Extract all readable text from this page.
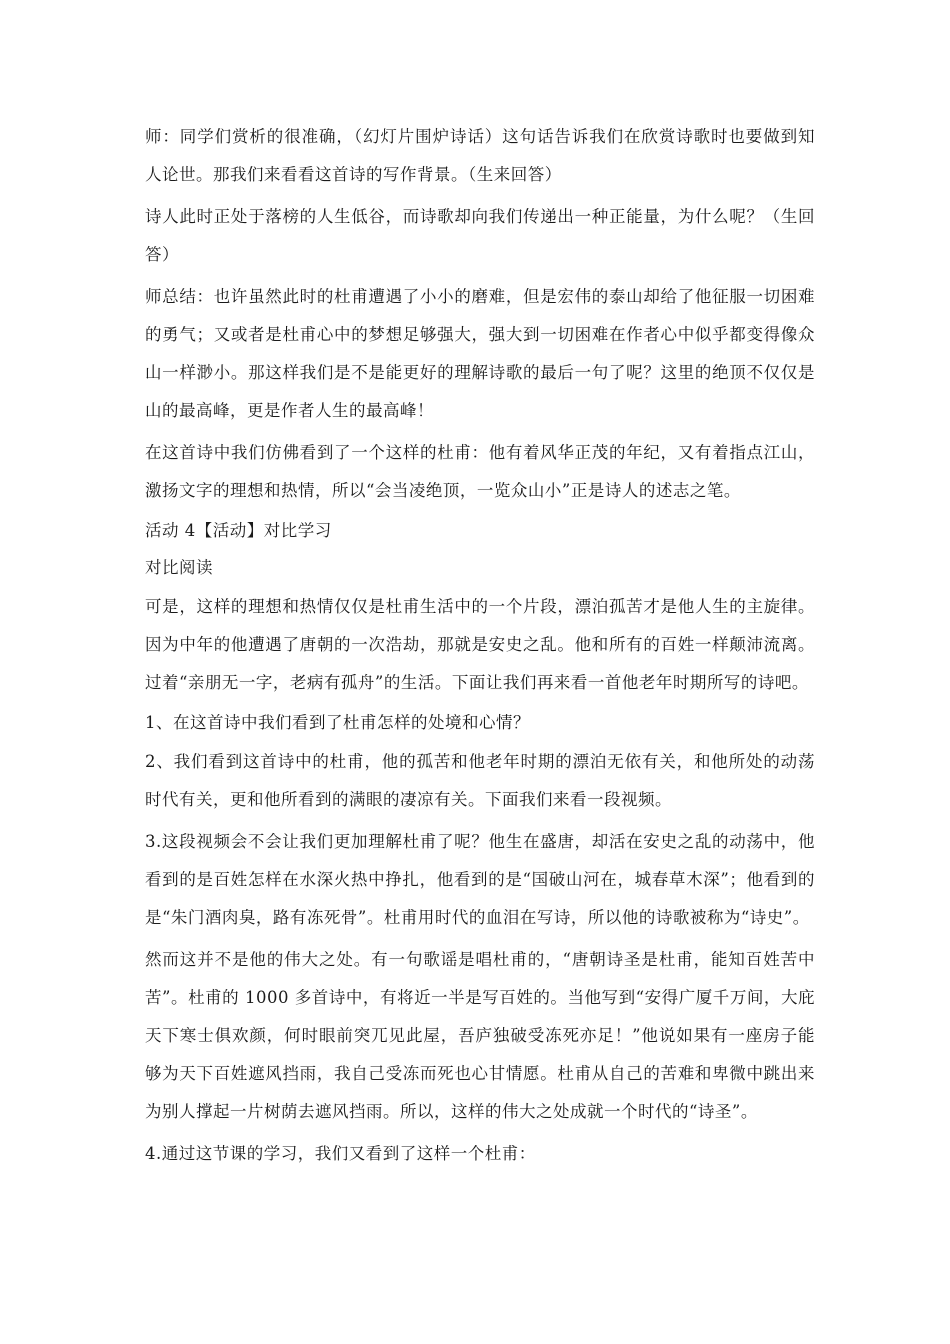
师：同学们赏析的很准确，（幻灯片围炉诗话）这句话告诉我们在欣赏诗歌时也要做到知人论世。那我们来看看这首诗的写作背景。（生来回答）

诗人此时正处于落榜的人生低谷，而诗歌却向我们传递出一种正能量，为什么呢？（生回答）

师总结：也许虽然此时的杜甫遭遇了小小的磨难，但是宏伟的泰山却给了他征服一切困难的勇气；又或者是杜甫心中的梦想足够强大，强大到一切困难在作者心中似乎都变得像众山一样渺小。那这样我们是不是能更好的理解诗歌的最后一句了呢？这里的绝顶不仅仅是山的最高峰，更是作者人生的最高峰！

在这首诗中我们仿佛看到了一个这样的杜甫：他有着风华正茂的年纪，又有着指点江山，激扬文字的理想和热情，所以“会当凌绝顶，一览众山小”正是诗人的述志之笔。

活动 4【活动】对比学习

对比阅读

可是，这样的理想和热情仅仅是杜甫生活中的一个片段，漂泊孤苦才是他人生的主旋律。因为中年的他遭遇了唐朝的一次浩劫，那就是安史之乱。他和所有的百姓一样颠沛流离。过着“亲朋无一字，老病有孤舟”的生活。下面让我们再来看一首他老年时期所写的诗吧。

1、在这首诗中我们看到了杜甫怎样的处境和心情？

2、我们看到这首诗中的杜甫，他的孤苦和他老年时期的漂泊无依有关，和他所处的动荡时代有关，更和他所看到的满眼的凄凉有关。下面我们来看一段视频。

3.这段视频会不会让我们更加理解杜甫了呢？他生在盛唐，却活在安史之乱的动荡中，他看到的是百姓怎样在水深火热中挣扎，他看到的是“国破山河在，城春草木深”；他看到的是“朱门酒肉臭，路有冻死骨”。杜甫用时代的血泪在写诗，所以他的诗歌被称为“诗史”。

然而这并不是他的伟大之处。有一句歌谣是唱杜甫的，“唐朝诗圣是杜甫，能知百姓苦中苦”。杜甫的 1000 多首诗中，有将近一半是写百姓的。当他写到“安得广厦千万间，大庇天下寒士俱欢颜，何时眼前突兀见此屋，吾庐独破受冻死亦足！”他说如果有一座房子能够为天下百姓遮风挡雨，我自己受冻而死也心甘情愿。杜甫从自己的苦难和卑微中跳出来为别人撑起一片树荫去遮风挡雨。所以，这样的伟大之处成就一个时代的“诗圣”。

4.通过这节课的学习，我们又看到了这样一个杜甫：
